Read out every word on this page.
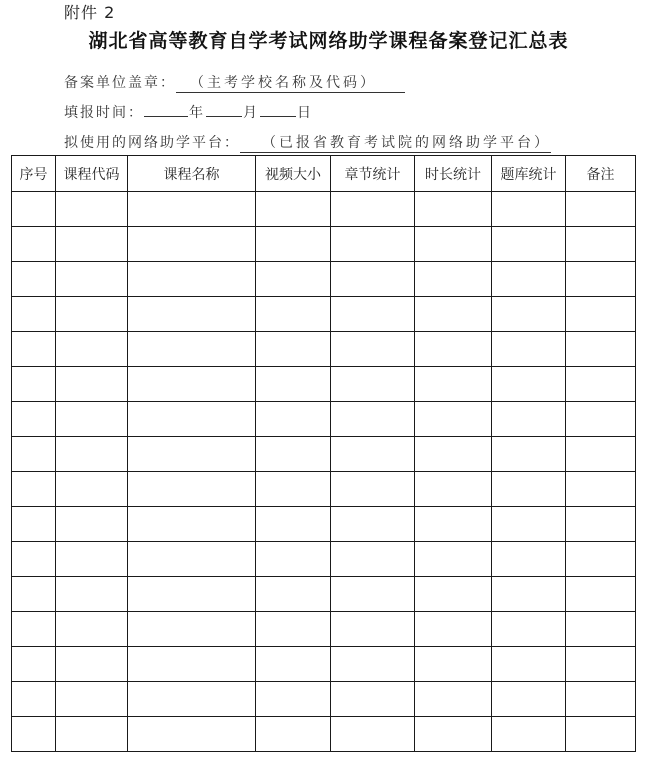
附件 2
湖北省高等教育自学考试网络助学课程备案登记汇总表
备案单位盖章： （主考学校名称及代码）
填报时间：	年	月	日
拟使用的网络助学平台： （已报省教育考试院的网络助学平台）
序号	课程代码	课程名称	视频大小	章节统计	时长统计	题库统计	备注
